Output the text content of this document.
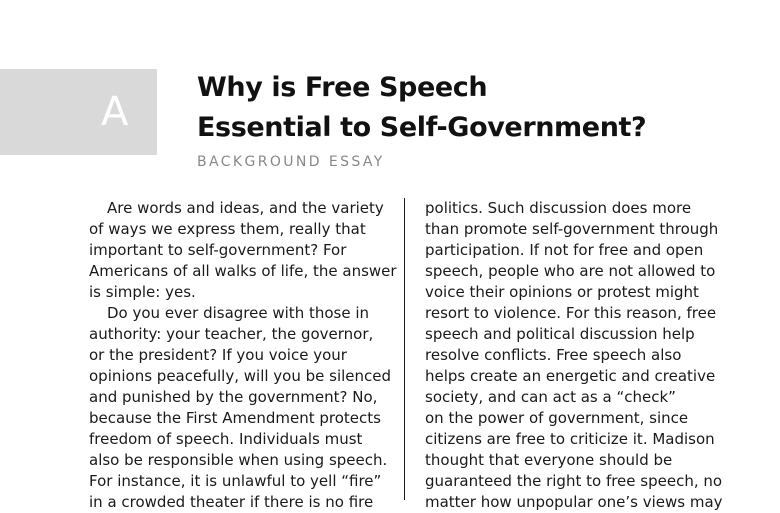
A
Why is Free Speech
Essential to Self-Government?
BACKGROUND ESSAY
Are words and ideas, and the variety
of ways we express them, really that
important to self-government? For
Americans of all walks of life, the answer
is simple: yes.
Do you ever disagree with those in
authority: your teacher, the governor,
or the president? If you voice your
opinions peacefully, will you be silenced
and punished by the government? No,
because the First Amendment protects
freedom of speech. Individuals must
also be responsible when using speech.
For instance, it is unlawful to yell “fire”
in a crowded theater if there is no fire
politics. Such discussion does more
than promote self-government through
participation. If not for free and open
speech, people who are not allowed to
voice their opinions or protest might
resort to violence. For this reason, free
speech and political discussion help
resolve conflicts. Free speech also
helps create an energetic and creative
society, and can act as a “check”
on the power of government, since
citizens are free to criticize it. Madison
thought that everyone should be
guaranteed the right to free speech, no
matter how unpopular one’s views may
